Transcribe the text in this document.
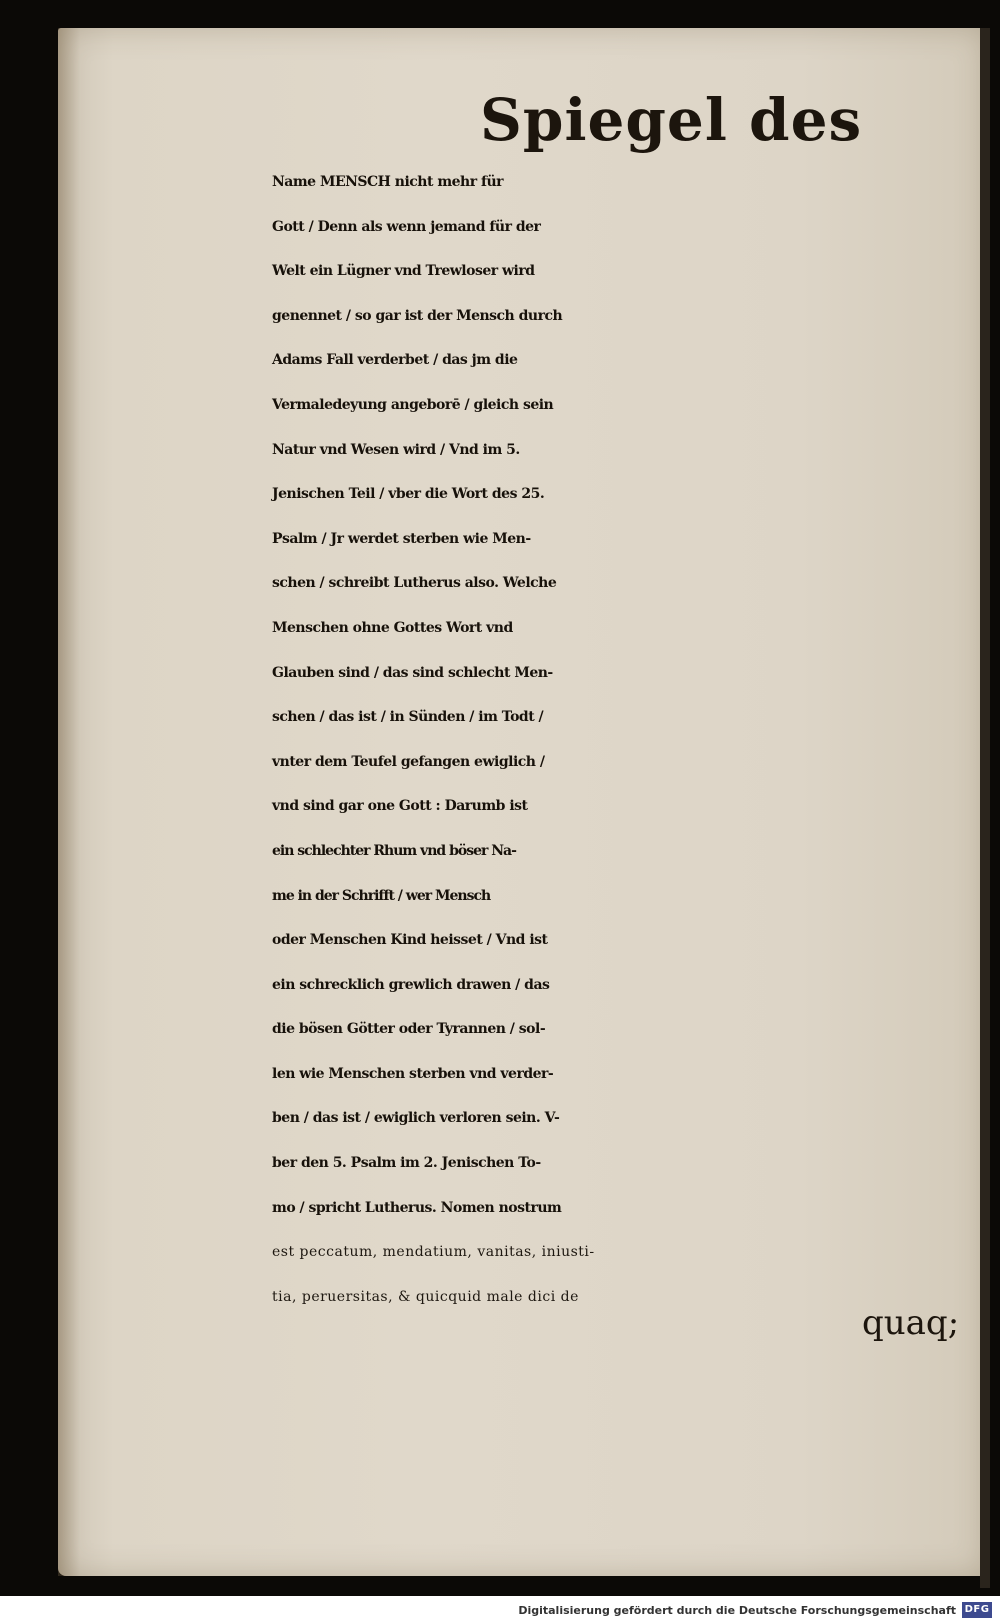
Spiegel des
Name MENSCH nicht mehr für
Gott / Denn als wenn jemand für der
Welt ein Lügner vnd Trewloser wird
genennet / so gar ist der Mensch durch
Adams Fall verderbet / das jm die
Vermaledeyung angeborē / gleich sein
Natur vnd Wesen wird / Vnd im 5.
Jenischen Teil / vber die Wort des 25.
Psalm / Jr werdet sterben wie Men-
schen / schreibt Lutherus also. Welche
Menschen ohne Gottes Wort vnd
Glauben sind / das sind schlecht Men-
schen / das ist / in Sünden / im Todt /
vnter dem Teufel gefangen ewiglich /
vnd sind gar one Gott : Darumb ist
ein schlechter Rhum vnd böser Na-
me in der Schrifft / wer Mensch
oder Menschen Kind heisset / Vnd ist
ein schrecklich grewlich drawen / das
die bösen Götter oder Tyrannen / sol-
len wie Menschen sterben vnd verder-
ben / das ist / ewiglich verloren sein. V-
ber den 5. Psalm im 2. Jenischen To-
mo / spricht Lutherus. Nomen nostrum
est peccatum, mendatium, vanitas, iniusti-
tia, peruersitas, & quicquid male dici de
quaq;
Digitalisierung gefördert durch die Deutsche Forschungsgemeinschaft DFG
